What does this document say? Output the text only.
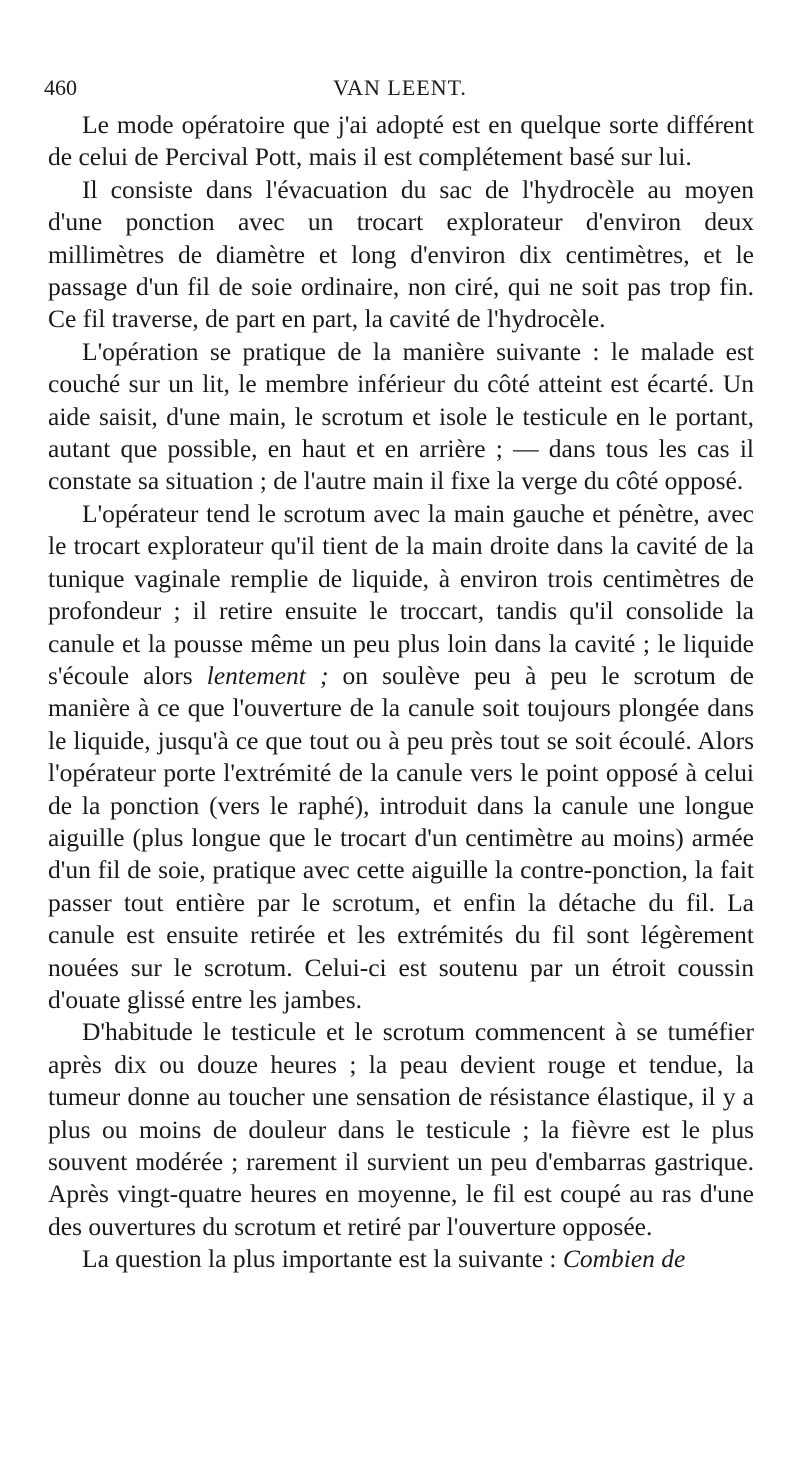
460	VAN LEENT.

Le mode opératoire que j'ai adopté est en quelque sorte différent de celui de Percival Pott, mais il est complétement basé sur lui.

Il consiste dans l'évacuation du sac de l'hydrocèle au moyen d'une ponction avec un trocart explorateur d'environ deux millimètres de diamètre et long d'environ dix centimètres, et le passage d'un fil de soie ordinaire, non ciré, qui ne soit pas trop fin. Ce fil traverse, de part en part, la cavité de l'hydrocèle.

L'opération se pratique de la manière suivante : le malade est couché sur un lit, le membre inférieur du côté atteint est écarté. Un aide saisit, d'une main, le scrotum et isole le testicule en le portant, autant que possible, en haut et en arrière ; — dans tous les cas il constate sa situation ; de l'autre main il fixe la verge du côté opposé.

L'opérateur tend le scrotum avec la main gauche et pénètre, avec le trocart explorateur qu'il tient de la main droite dans la cavité de la tunique vaginale remplie de liquide, à environ trois centimètres de profondeur ; il retire ensuite le troccart, tandis qu'il consolide la canule et la pousse même un peu plus loin dans la cavité ; le liquide s'écoule alors lentement ; on soulève peu à peu le scrotum de manière à ce que l'ouverture de la canule soit toujours plongée dans le liquide, jusqu'à ce que tout ou à peu près tout se soit écoulé. Alors l'opérateur porte l'extrémité de la canule vers le point opposé à celui de la ponction (vers le raphé), introduit dans la canule une longue aiguille (plus longue que le trocart d'un centimètre au moins) armée d'un fil de soie, pratique avec cette aiguille la contre-ponction, la fait passer tout entière par le scrotum, et enfin la détache du fil. La canule est ensuite retirée et les extrémités du fil sont légèrement nouées sur le scrotum. Celui-ci est soutenu par un étroit coussin d'ouate glissé entre les jambes.

D'habitude le testicule et le scrotum commencent à se tuméfier après dix ou douze heures ; la peau devient rouge et tendue, la tumeur donne au toucher une sensation de résistance élastique, il y a plus ou moins de douleur dans le testicule ; la fièvre est le plus souvent modérée ; rarement il survient un peu d'embarras gastrique. Après vingt-quatre heures en moyenne, le fil est coupé au ras d'une des ouvertures du scrotum et retiré par l'ouverture opposée.

La question la plus importante est la suivante : Combien de
